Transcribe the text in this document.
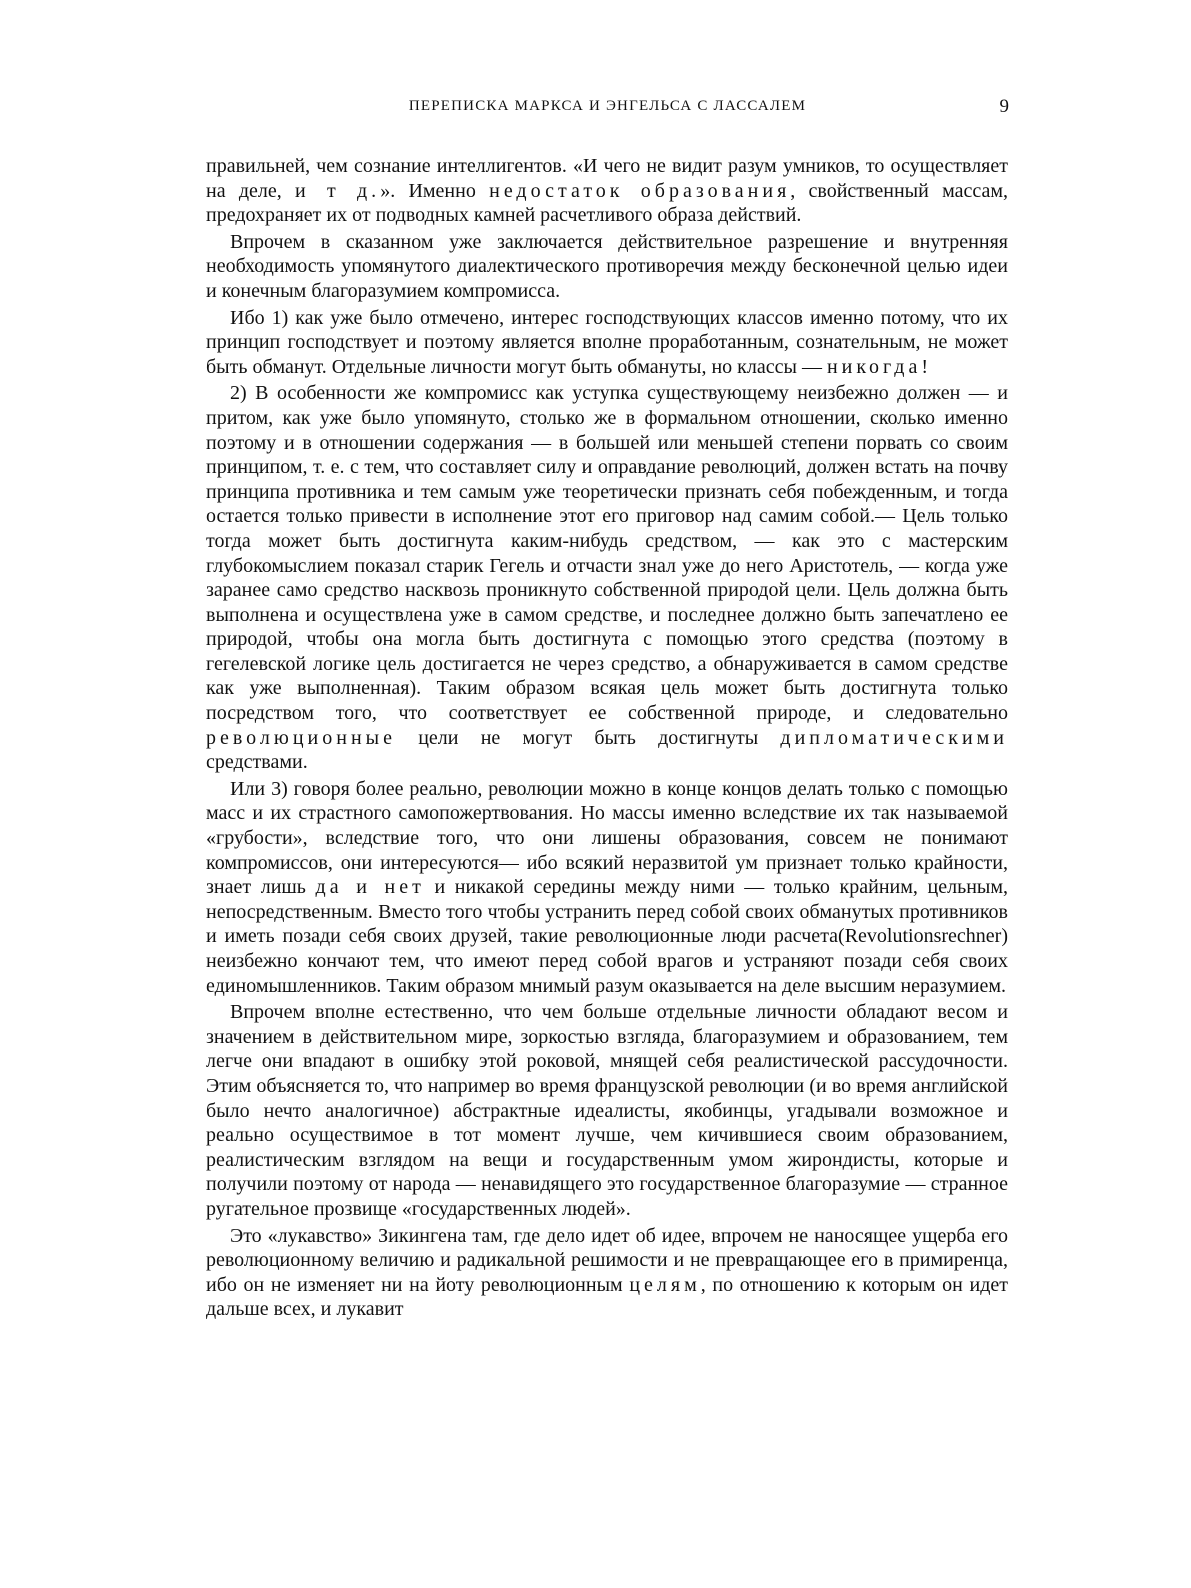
ПЕРЕПИСКА МАРКСА И ЭНГЕЛЬСА С ЛАССАЛЕМ	9

правильней, чем сознание интеллигентов. «И чего не видит разум умников, то осуществляет на деле, и т д.». Именно недостаток образования, свойственный массам, предохраняет их от подводных камней расчетливого образа действий.

Впрочем в сказанном уже заключается действительное разрешение и внутренняя необходимость упомянутого диалектического противоречия между бесконечной целью идеи и конечным благоразумием компромисса.

Ибо 1) как уже было отмечено, интерес господствующих классов именно потому, что их принцип господствует и поэтому является вполне проработанным, сознательным, не может быть обманут. Отдельные личности могут быть обмануты, но классы — никогда!

2) В особенности же компромисс как уступка существующему неизбежно должен — и притом, как уже было упомянуто, столько же в формальном отношении, сколько именно поэтому и в отношении содержания — в большей или меньшей степени порвать со своим принципом, т. е. с тем, что составляет силу и оправдание революций, должен встать на почву принципа противника и тем самым уже теоретически признать себя побежденным, и тогда остается только привести в исполнение этот его приговор над самим собой.— Цель только тогда может быть достигнута каким-нибудь средством, — как это с мастерским глубокомыслием показал старик Гегель и отчасти знал уже до него Аристотель, — когда уже заранее само средство насквозь проникнуто собственной природой цели. Цель должна быть выполнена и осуществлена уже в самом средстве, и последнее должно быть запечатлено ее природой, чтобы она могла быть достигнута с помощью этого средства (поэтому в гегелевской логике цель достигается не через средство, а обнаруживается в самом средстве как уже выполненная). Таким образом всякая цель может быть достигнута только посредством того, что соответствует ее собственной природе, и следовательно революционные цели не могут быть достигнуты дипломатическими средствами.

Или 3) говоря более реально, революции можно в конце концов делать только с помощью масс и их страстного самопожертвования. Но массы именно вследствие их так называемой «грубости», вследствие того, что они лишены образования, совсем не понимают компромиссов, они интересуются— ибо всякий неразвитой ум признает только крайности, знает лишь да и нет и никакой середины между ними — только крайним, цельным, непосредственным. Вместо того чтобы устранить перед собой своих обманутых противников и иметь позади себя своих друзей, такие революционные люди расчета(Revolutionsrechner) неизбежно кончают тем, что имеют перед собой врагов и устраняют позади себя своих единомышленников. Таким образом мнимый разум оказывается на деле высшим неразумием.

Впрочем вполне естественно, что чем больше отдельные личности обладают весом и значением в действительном мире, зоркостью взгляда, благоразумием и образованием, тем легче они впадают в ошибку этой роковой, мнящей себя реалистической рассудочности. Этим объясняется то, что например во время французской революции (и во время английской было нечто аналогичное) абстрактные идеалисты, якобинцы, угадывали возможное и реально осуществимое в тот момент лучше, чем кичившиеся своим образованием, реалистическим взглядом на вещи и государственным умом жирондисты, которые и получили поэтому от народа — ненавидящего это государственное благоразумие — странное ругательное прозвище «государственных людей».

Это «лукавство» Зикингена там, где дело идет об идее, впрочем не наносящее ущерба его революционному величию и радикальной решимости и не превращающее его в примиренца, ибо он не изменяет ни на йоту революционным целям, по отношению к которым он идет дальше всех, и лукавит
